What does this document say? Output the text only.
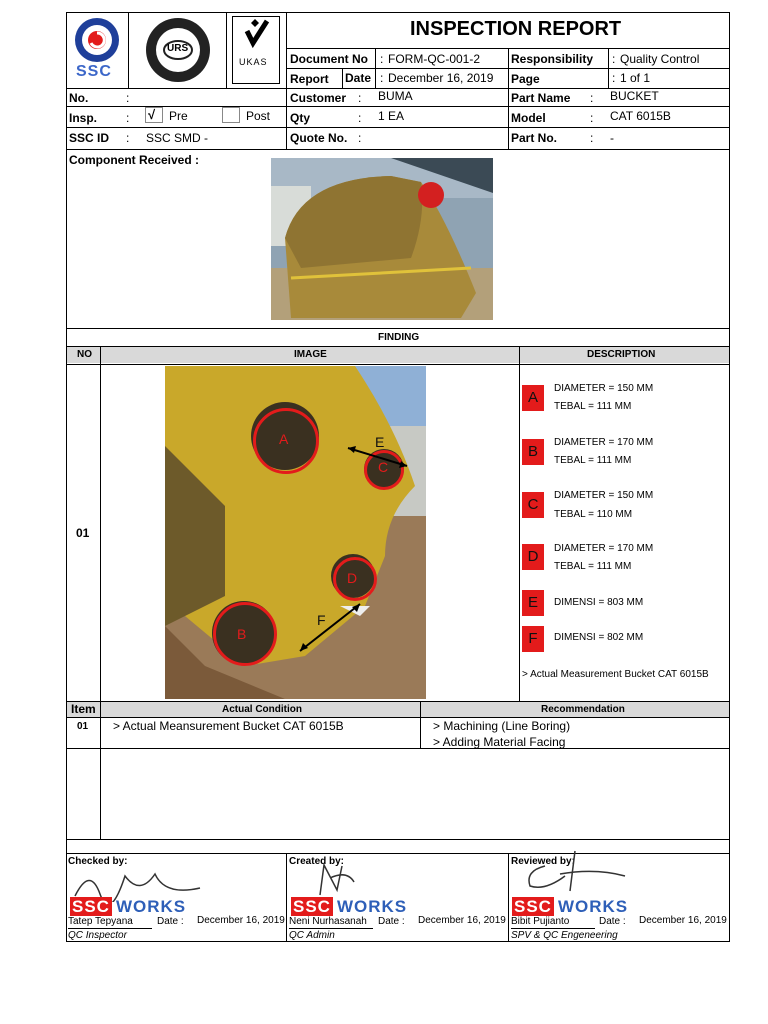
SSC
URS
UKAS
INSPECTION REPORT
Document No : FORM-QC-001-2	Responsibility : Quality Control
Report Date : December 16, 2019 Page	: 1 of 1
No.	:
Insp. : √ Pre	Post
SSC ID : SSC SMD -
Customer : BUMA
Qty	: 1 EA
Quote No. :
Part Name : BUCKET
Model	: CAT 6015B
Part No.	: -
Component Received :
FINDING
NO	IMAGE	DESCRIPTION
01
A
C
D
B
E
F
A
DIAMETER = 150 MM
TEBAL = 111 MM
B
DIAMETER = 170 MM
TEBAL = 111 MM
C
DIAMETER = 150 MM
TEBAL = 110 MM
D	DIAMETER = 170 MM
TEBAL = 111 MM
E	DIMENSI = 803 MM
F	DIMENSI = 802 MM
> Actual Measurement Bucket CAT 6015B
Item	Actual Condition	Recommendation
01 > Actual Meansurement Bucket CAT 6015B	> Machining (Line Boring)
> Adding Material Facing
Checked by:
SSC WORKS
Tatep Tepyana Date : December 16, 2019
QC Inspector
Created by:
SSC WORKS
Neni Nurhasanah Date : December 16, 2019
QC Admin
Reviewed by:
SSC WORKS
Bibit Pujianto	Date : December 16, 2019
SPV & QC Engeneering
